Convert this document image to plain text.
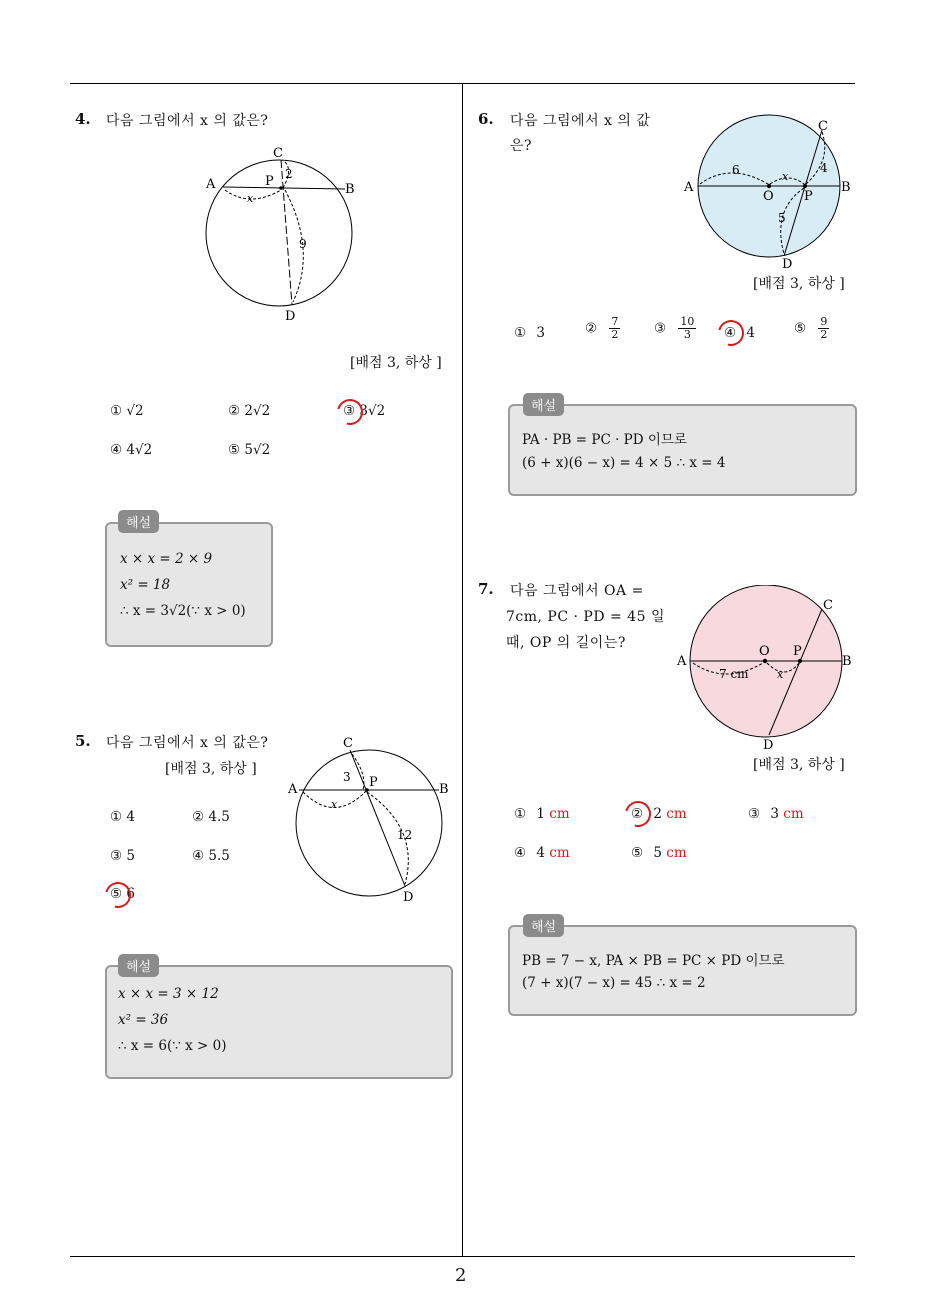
2
4. 다음 그림에서 x 의 값은?
C
A	P
B
D
2
9
x
[배점 3, 하상 ]
① √2	② 2√2	③ 3√2
④ 4√2	⑤ 5√2
해설
x × x = 2 × 9
x² = 18
∴ x = 3√2(∵ x > 0)
5. 다음 그림에서 x 의 값은?
[배점 3, 하상 ]
C
A	P	B
D
3
12
x
① 4	② 4.5
③ 5	④ 5.5
⑤ 6
해설
x × x = 3 × 12
x² = 36
∴ x = 6(∵ x > 0)
6. 다음 그림에서 x 의 값
은?
C
A
O P
B
D
6	x
4
5
[배점 3, 하상 ]
① 3	② $\frac{7}{2}$ ③ $\frac{10}{3}$ ④ 4	⑤ $\frac{9}{2}$
해설
PA · PB = PC · PD 이므로
(6 + x)(6 − x) = 4 × 5 ∴ x = 4
7. 다음 그림에서 OA =
7cm, PC · PD = 45 일
때, OP 의 길이는?
C
A
O P
B
D
7 cm	x
[배점 3, 하상 ]
① 1 cm	② 2 cm	③ 3 cm
④ 4 cm	⑤ 5 cm
해설
PB = 7 − x, PA × PB = PC × PD 이므로
(7 + x)(7 − x) = 45 ∴ x = 2
